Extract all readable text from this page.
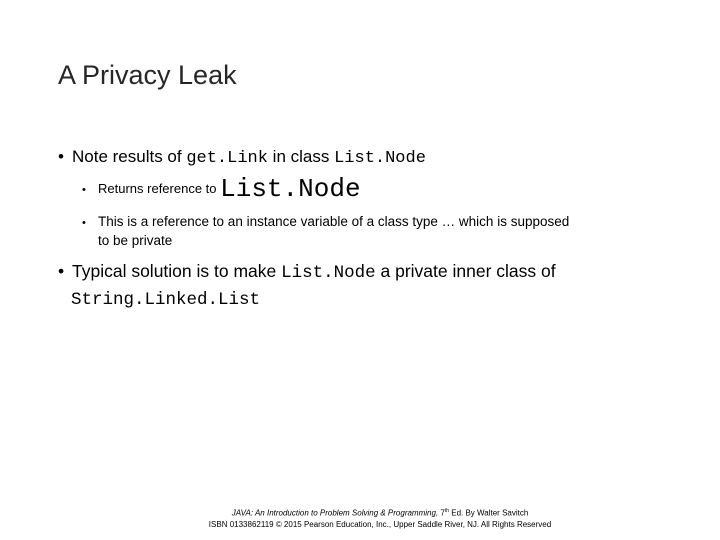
A Privacy Leak
• Note results of get.Link in class List.Node
• Returns reference to List.Node
• This is a reference to an instance variable of a class type … which is supposed
to be private
• Typical solution is to make List.Node a private inner class of
String.Linked.List
JAVA: An Introduction to Problem Solving & Programming, 7th Ed. By Walter Savitch
ISBN 0133862119 © 2015 Pearson Education, Inc., Upper Saddle River, NJ. All Rights Reserved
